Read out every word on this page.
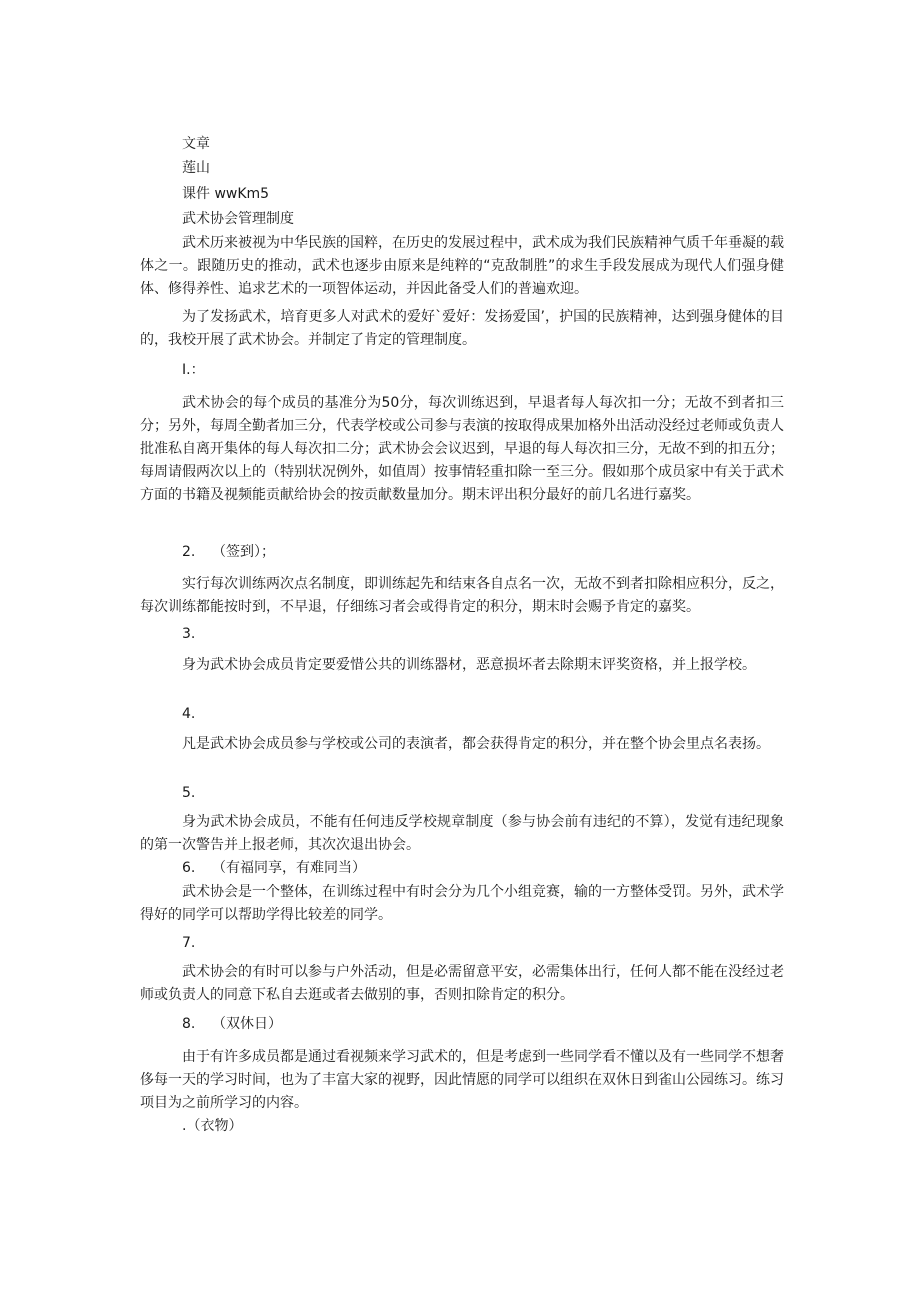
文章
莲山
课件 wwKm5
武术协会管理制度
武术历来被视为中华民族的国粹，在历史的发展过程中，武术成为我们民族精神气质千年垂凝的载体之一。跟随历史的推动，武术也逐步由原来是纯粹的“克敌制胜”的求生手段发展成为现代人们强身健体、修得养性、追求艺术的一项智体运动，并因此备受人们的普遍欢迎。
为了发扬武术，培育更多人对武术的爱好`爱好：发扬爱国’，护国的民族精神，达到强身健体的目的，我校开展了武术协会。并制定了肯定的管理制度。
I.：
武术协会的每个成员的基准分为50分，每次训练迟到，早退者每人每次扣一分；无故不到者扣三分；另外，每周全勤者加三分，代表学校或公司参与表演的按取得成果加格外出活动没经过老师或负责人批准私自离开集体的每人每次扣二分；武术协会会议迟到，早退的每人每次扣三分，无故不到的扣五分；每周请假两次以上的（特别状况例外，如值周）按事情轻重扣除一至三分。假如那个成员家中有关于武术方面的书籍及视频能贡献给协会的按贡献数量加分。期末评出积分最好的前几名进行嘉奖。
2. （签到）；
实行每次训练两次点名制度，即训练起先和结束各自点名一次，无故不到者扣除相应积分，反之，每次训练都能按时到，不早退，仔细练习者会或得肯定的积分，期末时会赐予肯定的嘉奖。
3.
身为武术协会成员肯定要爱惜公共的训练器材，恶意损坏者去除期末评奖资格，并上报学校。
4.
凡是武术协会成员参与学校或公司的表演者，都会获得肯定的积分，并在整个协会里点名表扬。
5.
身为武术协会成员，不能有任何违反学校规章制度（参与协会前有违纪的不算），发觉有违纪现象的第一次警告并上报老师，其次次退出协会。
6. （有福同享，有难同当）
武术协会是一个整体，在训练过程中有时会分为几个小组竞赛，输的一方整体受罚。另外，武术学得好的同学可以帮助学得比较差的同学。
7.
武术协会的有时可以参与户外活动，但是必需留意平安，必需集体出行，任何人都不能在没经过老师或负责人的同意下私自去逛或者去做别的事，否则扣除肯定的积分。
8. （双休日）
由于有许多成员都是通过看视频来学习武术的，但是考虑到一些同学看不懂以及有一些同学不想奢侈每一天的学习时间，也为了丰富大家的视野，因此情愿的同学可以组织在双休日到雀山公园练习。练习项目为之前所学习的内容。
.（衣物）
